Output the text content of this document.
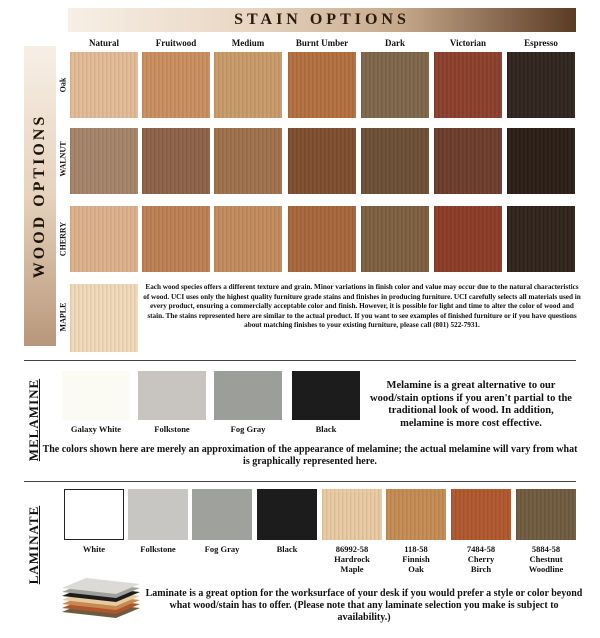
STAIN OPTIONS
WOOD OPTIONS
Natural	Fruitwood	Medium	Burnt Umber	Dark	Victorian	Espresso
Oak
WALNUT
CHERRY
MAPLE
Each wood species offers a different texture and grain. Minor variations in finish color and value may occur due to the natural characteristics of wood. UCI uses only the highest quality furniture grade stains and finishes in producing furniture. UCI carefully selects all materials used in every product, ensuring a commercially acceptable color and finish. However, it is possible for light and time to alter the color of wood and stain. The stains represented here are similar to the actual product. If you want to see examples of finished furniture or if you have questions about matching finishes to your existing furniture, please call (801) 522-7931.
MELAMINE	Galaxy White	Folkstone	Fog Gray	Black
Melamine is a great alternative to our wood/stain options if you aren't partial to the traditional look of wood. In addition, melamine is more cost effective.
The colors shown here are merely an approximation of the appearance of melamine; the actual melamine will vary from what is graphically represented here.
LAMINATE	White	Folkstone	Fog Gray	Black	86992-58
Hardrock
Maple
118-58
Finnish
Oak
7484-58
Cherry
Birch
5884-58
Chestnut
Woodline
Laminate is a great option for the worksurface of your desk if you would prefer a style or color beyond what wood/stain has to offer. (Please note that any laminate selection you make is subject to availability.)
